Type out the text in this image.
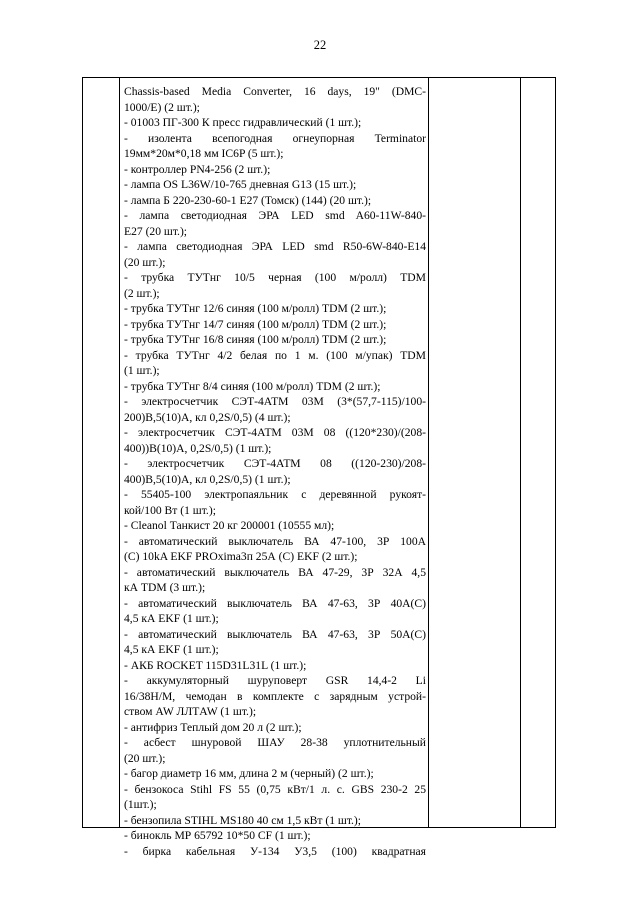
22
Chassis-based Media Converter, 16 days, 19" (DMC-
1000/E) (2 шт.);
- 01003 ПГ-300 К пресс гидравлический (1 шт.);
- изолента всепогодная огнеупорная Terminator
19мм*20м*0,18 мм IC6P (5 шт.);
- контроллер PN4-256 (2 шт.);
- лампа OS L36W/10-765 дневная G13 (15 шт.);
- лампа Б 220-230-60-1 Е27 (Томск) (144) (20 шт.);
- лампа светодиодная ЭРА LED smd A60-11W-840-
E27 (20 шт.);
- лампа светодиодная ЭРА LED smd R50-6W-840-E14
(20 шт.);
- трубка ТУТнг 10/5 черная (100 м/ролл) TDM
(2 шт.);
- трубка ТУТнг 12/6 синяя (100 м/ролл) TDM (2 шт.);
- трубка ТУТнг 14/7 синяя (100 м/ролл) TDM (2 шт.);
- трубка ТУТнг 16/8 синяя (100 м/ролл) TDM (2 шт.);
- трубка ТУТнг 4/2 белая по 1 м. (100 м/упак) TDM
(1 шт.);
- трубка ТУТнг 8/4 синяя (100 м/ролл) TDM (2 шт.);
- электросчетчик СЭТ-4АТМ 03М (3*(57,7-115)/100-
200)В,5(10)А, кл 0,2S/0,5) (4 шт.);
- электросчетчик СЭТ-4АТМ 03М 08 ((120*230)/(208-
400))В(10)А, 0,2S/0,5) (1 шт.);
- электросчетчик СЭТ-4АТМ 08 ((120-230)/208-
400)В,5(10)А, кл 0,2S/0,5) (1 шт.);
- 55405-100 электропаяльник с деревянной рукоят-
кой/100 Вт (1 шт.);
- Cleanol Танкист 20 кг 200001 (10555 мл);
- автоматический выключатель ВА 47-100, 3Р 100А
(С) 10kA EKF PROxima3п 25А (С) EKF (2 шт.);
- автоматический выключатель ВА 47-29, 3Р 32А 4,5
кА TDM (3 шт.);
- автоматический выключатель ВА 47-63, 3Р 40А(С)
4,5 кА EKF (1 шт.);
- автоматический выключатель ВА 47-63, 3Р 50А(С)
4,5 кА EKF (1 шт.);
- АКБ ROCKET 115D31L31L (1 шт.);
- аккумуляторный шуруповерт GSR 14,4-2 Li
16/38Н/М, чемодан в комплекте с зарядным устрой-
ством AW ЛЛТAW (1 шт.);
- антифриз Теплый дом 20 л (2 шт.);
- асбест шнуровой ШАУ 28-38 уплотнительный
(20 шт.);
- багор диаметр 16 мм, длина 2 м (черный) (2 шт.);
- бензокоса Stihl FS 55 (0,75 кВт/1 л. с. GBS 230-2 25
(1шт.);
- бензопила STIHL MS180 40 см 1,5 кВт (1 шт.);
- бинокль МР 65792 10*50 CF (1 шт.);
- бирка кабельная У-134 У3,5 (100) квадратная
